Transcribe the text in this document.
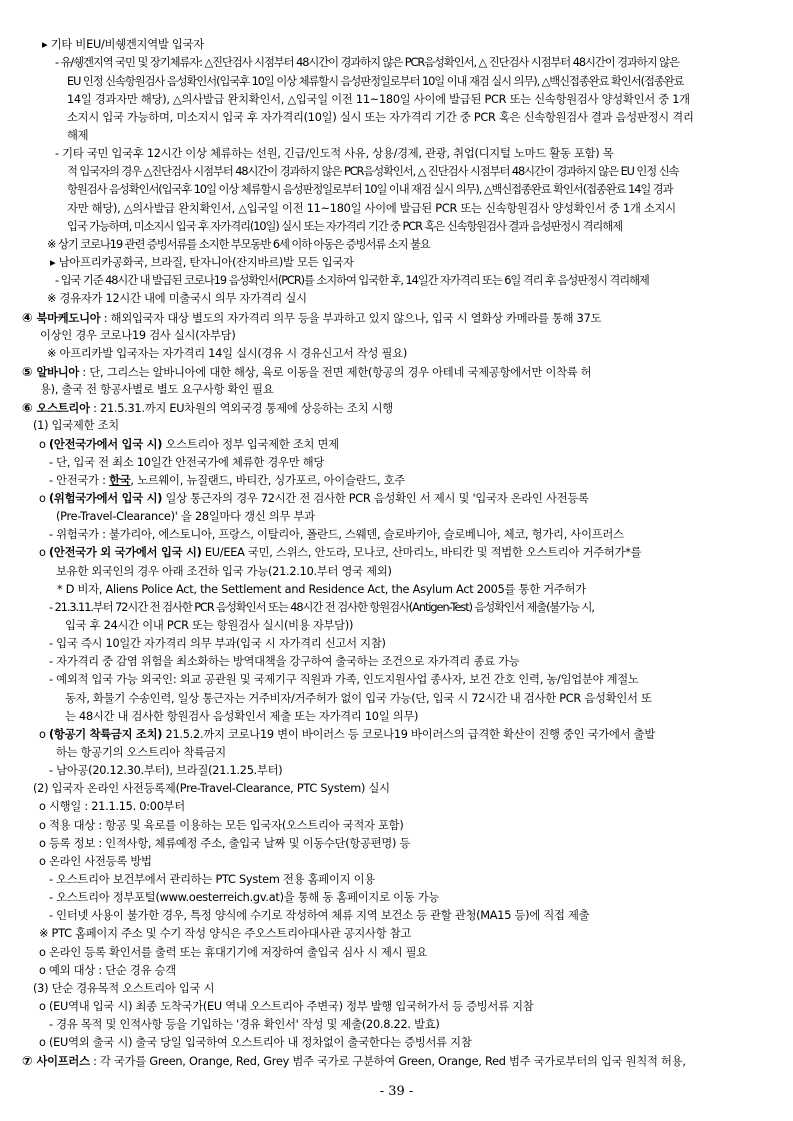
▸ 기타 비EU/비쉥겐지역발 입국자
- 유/쉥겐지역 국민 및 장기체류자: △진단검사 시점부터 48시간이 경과하지 않은 PCR음성확인서, △ 진단검사 시점부터 48시간이 경과하지 않은
EU 인정 신속항원검사 음성확인서(입국후 10일 이상 체류할시 음성판정일로부터 10일 이내 재검 실시 의무), △백신접종완료 확인서(접종완료
14일 경과자만 해당), △의사발급 완치확인서, △입국일 이전 11~180일 사이에 발급된 PCR 또는 신속항원검사 양성확인서 중 1개
소지시 입국 가능하며, 미소지시 입국 후 자가격리(10일) 실시 또는 자가격리 기간 중 PCR 혹은 신속항원검사 결과 음성판정시 격리
해제
- 기타 국민 입국후 12시간 이상 체류하는 선원, 긴급/인도적 사유, 상용/경제, 관광, 취업(디지털 노마드 활동 포함) 목
적 입국자의 경우 △진단검사 시점부터 48시간이 경과하지 않은 PCR음성확인서, △ 진단검사 시점부터 48시간이 경과하지 않은 EU 인정 신속
항원검사 음성확인서(입국후 10일 이상 체류할시 음성판정일로부터 10일 이내 재검 실시 의무), △백신접종완료 확인서(접종완료 14일 경과
자만 해당), △의사발급 완치확인서, △입국일 이전 11~180일 사이에 발급된 PCR 또는 신속항원검사 양성확인서 중 1개 소지시
입국 가능하며, 미소지시 입국 후 자가격리(10일) 실시 또는 자가격리 기간 중 PCR 혹은 신속항원검사 결과 음성판정시 격리해제
※ 상기 코로나19 관련 증빙서류를 소지한 부모동반 6세 이하 아동은 증빙서류 소지 불요
▸ 남아프리카공화국, 브라질, 탄자니아(잔지바르)발 모든 입국자
- 입국 기준 48시간 내 발급된 코로나19 음성확인서(PCR)를 소지하여 입국한 후, 14일간 자가격리 또는 6일 격리 후 음성판정시 격리해제
※ 경유자가 12시간 내에 미출국시 의무 자가격리 실시
④ 북마케도니아 : 해외입국자 대상 별도의 자가격리 의무 등을 부과하고 있지 않으나, 입국 시 열화상 카메라를 통해 37도
이상인 경우 코로나19 검사 실시(자부담)
※ 아프리카발 입국자는 자가격리 14일 실시(경유 시 경유신고서 작성 필요)
⑤ 알바니아 : 단, 그리스는 알바니아에 대한 해상, 육로 이동을 전면 제한(항공의 경우 아테네 국제공항에서만 이착륙 허
용), 출국 전 항공사별로 별도 요구사항 확인 필요
⑥ 오스트리아 : 21.5.31.까지 EU차원의 역외국경 통제에 상응하는 조치 시행
(1) 입국제한 조치
ο (안전국가에서 입국 시) 오스트리아 정부 입국제한 조치 면제
- 단, 입국 전 최소 10일간 안전국가에 체류한 경우만 해당
- 안전국가 : 한국, 노르웨이, 뉴질랜드, 바티칸, 싱가포르, 아이슬란드, 호주
ο (위험국가에서 입국 시) 일상 통근자의 경우 72시간 전 검사한 PCR 음성확인 서 제시 및 '입국자 온라인 사전등록
(Pre-Travel-Clearance)' 을 28일마다 갱신 의무 부과
- 위험국가 : 불가리아, 에스토니아, 프랑스, 이탈리아, 폴란드, 스웨덴, 슬로바키아, 슬로베니아, 체코, 헝가리, 사이프러스
ο (안전국가 외 국가에서 입국 시) EU/EEA 국민, 스위스, 안도라, 모나코, 산마리노, 바티칸 및 적법한 오스트리아 거주허가*를
보유한 외국인의 경우 아래 조건하 입국 가능(21.2.10.부터 영국 제외)
* D 비자, Aliens Police Act, the Settlement and Residence Act, the Asylum Act 2005를 통한 거주허가
- 21.3.11.부터 72시간 전 검사한 PCR 음성확인서 또는 48시간 전 검사한 항원검사(Antigen-Test) 음성확인서 제출(불가능 시,
입국 후 24시간 이내 PCR 또는 항원검사 실시(비용 자부담))
- 입국 즉시 10일간 자가격리 의무 부과(입국 시 자가격리 신고서 지참)
- 자가격리 중 감염 위험을 최소화하는 방역대책을 강구하여 출국하는 조건으로 자가격리 종료 가능
- 예외적 입국 가능 외국인: 외교 공관원 및 국제기구 직원과 가족, 인도지원사업 종사자, 보건 간호 인력, 농/임업분야 계절노
동자, 화물기 수송인력, 일상 통근자는 거주비자/거주허가 없이 입국 가능(단, 입국 시 72시간 내 검사한 PCR 음성확인서 또
는 48시간 내 검사한 항원검사 음성확인서 제출 또는 자가격리 10일 의무)
ο (항공기 착륙금지 조치) 21.5.2.까지 코로나19 변이 바이러스 등 코로나19 바이러스의 급격한 확산이 진행 중인 국가에서 출발
하는 항공기의 오스트리아 착륙금지
- 남아공(20.12.30.부터), 브라질(21.1.25.부터)
(2) 입국자 온라인 사전등록제(Pre-Travel-Clearance, PTC System) 실시
ο 시행일 : 21.1.15. 0:00부터
ο 적용 대상 : 항공 및 육로를 이용하는 모든 입국자(오스트리아 국적자 포함)
ο 등록 정보 : 인적사항, 체류예정 주소, 출입국 날짜 및 이동수단(항공편명) 등
ο 온라인 사전등록 방법
- 오스트리아 보건부에서 관리하는 PTC System 전용 홈페이지 이용
- 오스트리아 정부포털(www.oesterreich.gv.at)을 통해 동 홈페이지로 이동 가능
- 인터넷 사용이 불가한 경우, 특정 양식에 수기로 작성하여 체류 지역 보건소 등 관할 관청(MA15 등)에 직접 제출
※ PTC 홈페이지 주소 및 수기 작성 양식은 주오스트리아대사관 공지사항 참고
ο 온라인 등록 확인서를 출력 또는 휴대기기에 저장하여 출입국 심사 시 제시 필요
ο 예외 대상 : 단순 경유 승객
(3) 단순 경유목적 오스트리아 입국 시
ο (EU역내 입국 시) 최종 도착국가(EU 역내 오스트리아 주변국) 정부 발행 입국허가서 등 증빙서류 지참
- 경유 목적 및 인적사항 등을 기입하는 '경유 확인서' 작성 및 제출(20.8.22. 발효)
ο (EU역외 출국 시) 출국 당일 입국하여 오스트리아 내 정차없이 출국한다는 증빙서류 지참
⑦ 사이프러스 : 각 국가를 Green, Orange, Red, Grey 범주 국가로 구분하여 Green, Orange, Red 범주 국가로부터의 입국 원칙적 허용,
- 39 -
